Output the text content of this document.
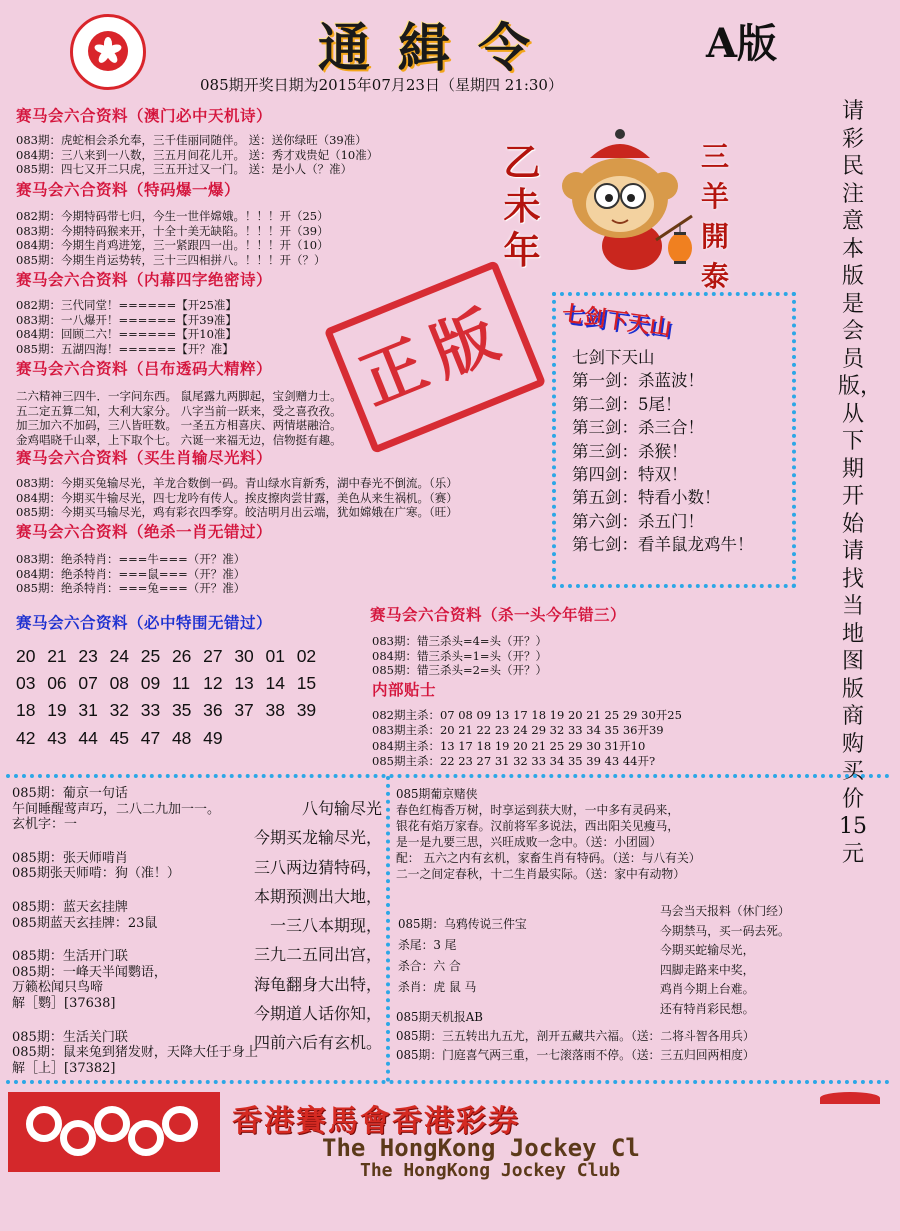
通緝令	A版
085期开奖日期为2015年07月23日（星期四 21:30）
请彩民注意本版是会员版，从下期开始请找当地图版商购买价15元
赛马会六合资料（澳门必中天机诗）
083期：虎蛇相会杀允奉，三千佳丽同随伴。 送：送你绿旺（39准）
084期：三八来到一八数，三五月间花儿开。 送：秀才戏贵妃（10准）
085期：四七又开二只虎，三五开过又一门。 送：是小人（？准）
赛马会六合资料（特码爆一爆）
082期：今期特码带七归，今生一世伴嫦娥。！！！开（25）
083期：今期特码猴来开，十全十美无缺陷。！！！开（39）
084期：今期生肖鸡进笼，三一紧跟四一出。！！！开（10）
085期：今期生肖运势转，三十三四相拼八。！！！开（？）
赛马会六合资料（内幕四字绝密诗）
082期：三代同堂！======【开25准】
083期：一八爆开！======【开39准】
084期：回顾二六！======【开10准】
085期：五湖四海！======【开？准】
赛马会六合资料（吕布透码大精粹）
二六精神三四牛．一字问东西。 鼠尾露九两脚起，宝剑赠力士。
五二定五算二知，大利大家分。 八字当前一跃来，受之喜孜孜。
加三加六不加码，三八皆旺数。 一圣五方相喜庆、两情堪融洽。
金鸡唱晓千山翠，上下取个七。 六诞一来福无边，信物挺有趣。
赛马会六合资料（买生肖输尽光料）
083期：今期买兔输尽光，羊龙合数倒一码。青山绿水肓新秀，湖中春光不倒流。（乐）
084期：今期买牛输尽光，四七龙吟有传人。挨皮擦肉尝甘露，美色从来生祸机。（赛）
085期：今期买马输尽光，鸡有彩衣四季穿。皎洁明月出云端，犹如嫦娥在广寒。（旺）
赛马会六合资料（绝杀一肖无错过）
083期：绝杀特肖：===牛===（开？准）
084期：绝杀特肖：===鼠===（开？准）
085期：绝杀特肖：===兔===（开？准）
乙未年
三羊開泰
正版	七剑下天山
七剑下天山
第一剑：杀蓝波！
第二剑：5尾！
第三剑：杀三合！
第三剑：杀猴！
第四剑：特双！
第五剑：特看小数！
第六剑：杀五门！
第七剑：看羊鼠龙鸡牛！
赛马会六合资料（必中特围无错过）
20 21 23 24 25 26 27 30 01 02
03 06 07 08 09 11 12 13 14 15
18 19 31 32 33 35 36 37 38 39
42 43 44 45 47 48 49
赛马会六合资料（杀一头今年错三）
083期：错三杀头=4=头（开？）
084期：错三杀头=1=头（开？）
085期：错三杀头=2=头（开？）
内部贴士
082期主杀：07 08 09 13 17 18 19 20 21 25 29 30开25
083期主杀：20 21 22 23 24 29 32 33 34 35 36开39
084期主杀：13 17 18 19 20 21 25 29 30 31开10
085期主杀：22 23 27 31 32 33 34 35 39 43 44开?
085期：葡京一句话
午间睡醒莺声巧，二八二九加一一。
玄机字：一
085期：张天师啃肖
085期张天师啃：狗（准！）
085期：蓝天玄挂牌
085期蓝天玄挂牌：23鼠
085期：生活开门联
085期：一峰天半闻鹦语，
万籁松闻只鸟啼
解［鹦］[37638]
085期：生活关门联
085期：鼠来兔到猪发财，天降大任于身上
解［上］[37382]
八句输尽光
今期买龙输尽光，
三八两边猜特码，
本期预测出大地，
一三八本期现，
三九二五同出宫，
海龟翻身大出特，
今期道人话你知，
四前六后有玄机。
085期葡京赌侠
春色红梅香万树，时享运到获大财，一中多有灵码来，
银花有焰万家春。汉前将军多说法，西出阳关见瘦马，
是一是九要三思，兴旺成败一念中。（送：小团圆）
配： 五六之内有玄机，家畜生肖有特码。（送：与八有关）
二一之间定春秋，十二生肖最实际。（送：家中有动物）
085期：乌鸦传说三件宝
杀尾：3 尾
杀合：六 合
杀肖：虎 鼠 马
马会当天报料（休门经）
今期禁马，买一码去死。
今期买蛇输尽光，
四脚走路来中奖，
鸡肖今期上台难。
还有特肖彩民想。
085期天机报AB
085期：三五转出九五尤，剖开五藏共六福。（送：二将斗智各用兵）
085期：门庭喜气两三重，一七滚落雨不停。（送：三五归回两相度）
香港賽馬會香港彩券
The HongKong Jockey Cl
The HongKong Jockey Club
